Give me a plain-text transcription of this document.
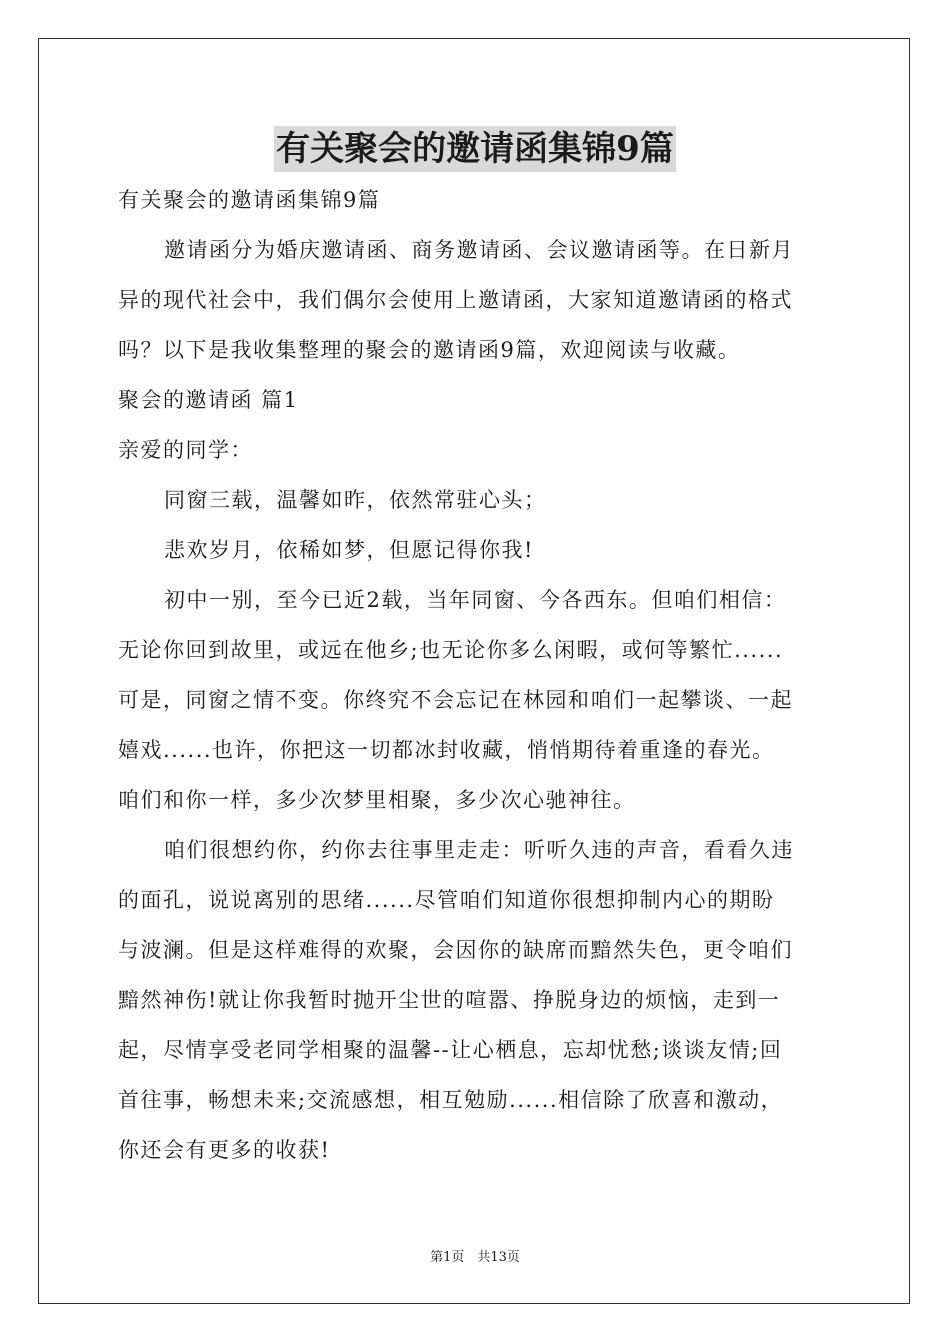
有关聚会的邀请函集锦9篇
有关聚会的邀请函集锦9篇
邀请函分为婚庆邀请函、商务邀请函、会议邀请函等。在日新月
异的现代社会中，我们偶尔会使用上邀请函，大家知道邀请函的格式
吗？以下是我收集整理的聚会的邀请函9篇，欢迎阅读与收藏。
聚会的邀请函 篇1
亲爱的同学：
同窗三载，温馨如昨，依然常驻心头；
悲欢岁月，依稀如梦，但愿记得你我!
初中一别，至今已近2载，当年同窗、今各西东。但咱们相信：
无论你回到故里，或远在他乡;也无论你多么闲暇，或何等繁忙......
可是，同窗之情不变。你终究不会忘记在林园和咱们一起攀谈、一起
嬉戏......也许，你把这一切都冰封收藏，悄悄期待着重逢的春光。
咱们和你一样，多少次梦里相聚，多少次心驰神往。
咱们很想约你，约你去往事里走走：听听久违的声音，看看久违
的面孔，说说离别的思绪......尽管咱们知道你很想抑制内心的期盼
与波澜。但是这样难得的欢聚，会因你的缺席而黯然失色，更令咱们
黯然神伤!就让你我暂时抛开尘世的喧嚣、挣脱身边的烦恼，走到一
起，尽情享受老同学相聚的温馨--让心栖息，忘却忧愁;谈谈友情;回
首往事，畅想未来;交流感想，相互勉励......相信除了欣喜和激动，
你还会有更多的收获!
第1页　共13页
